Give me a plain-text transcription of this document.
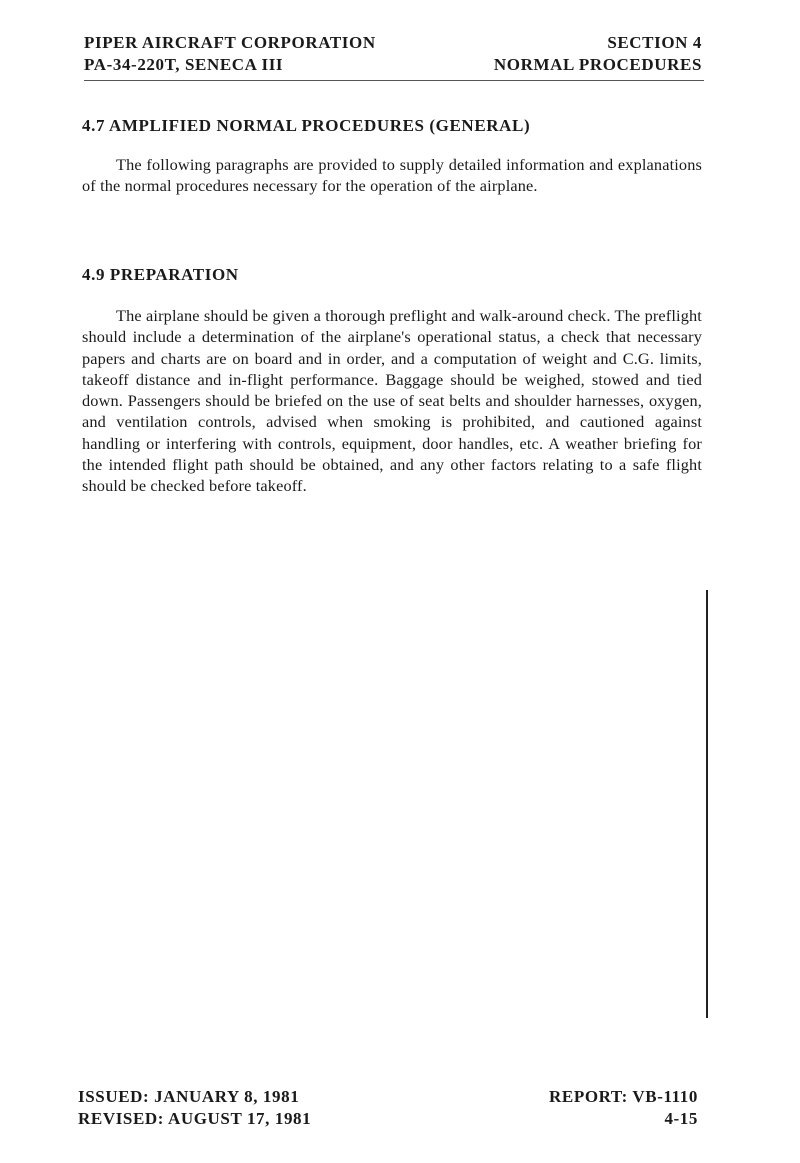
PIPER AIRCRAFT CORPORATION
PA-34-220T, SENECA III
SECTION 4
NORMAL PROCEDURES
4.7 AMPLIFIED NORMAL PROCEDURES (GENERAL)

The following paragraphs are provided to supply detailed information and explanations of the normal procedures necessary for the operation of the airplane.

4.9 PREPARATION

The airplane should be given a thorough preflight and walk-around check. The preflight should include a determination of the airplane's operational status, a check that necessary papers and charts are on board and in order, and a computation of weight and C.G. limits, takeoff distance and in-flight performance. Baggage should be weighed, stowed and tied down. Passengers should be briefed on the use of seat belts and shoulder harnesses, oxygen, and ventilation controls, advised when smoking is prohibited, and cautioned against handling or interfering with controls, equipment, door handles, etc. A weather briefing for the intended flight path should be obtained, and any other factors relating to a safe flight should be checked before takeoff.

ISSUED: JANUARY 8, 1981
REVISED: AUGUST 17, 1981
REPORT: VB-1110
4-15
